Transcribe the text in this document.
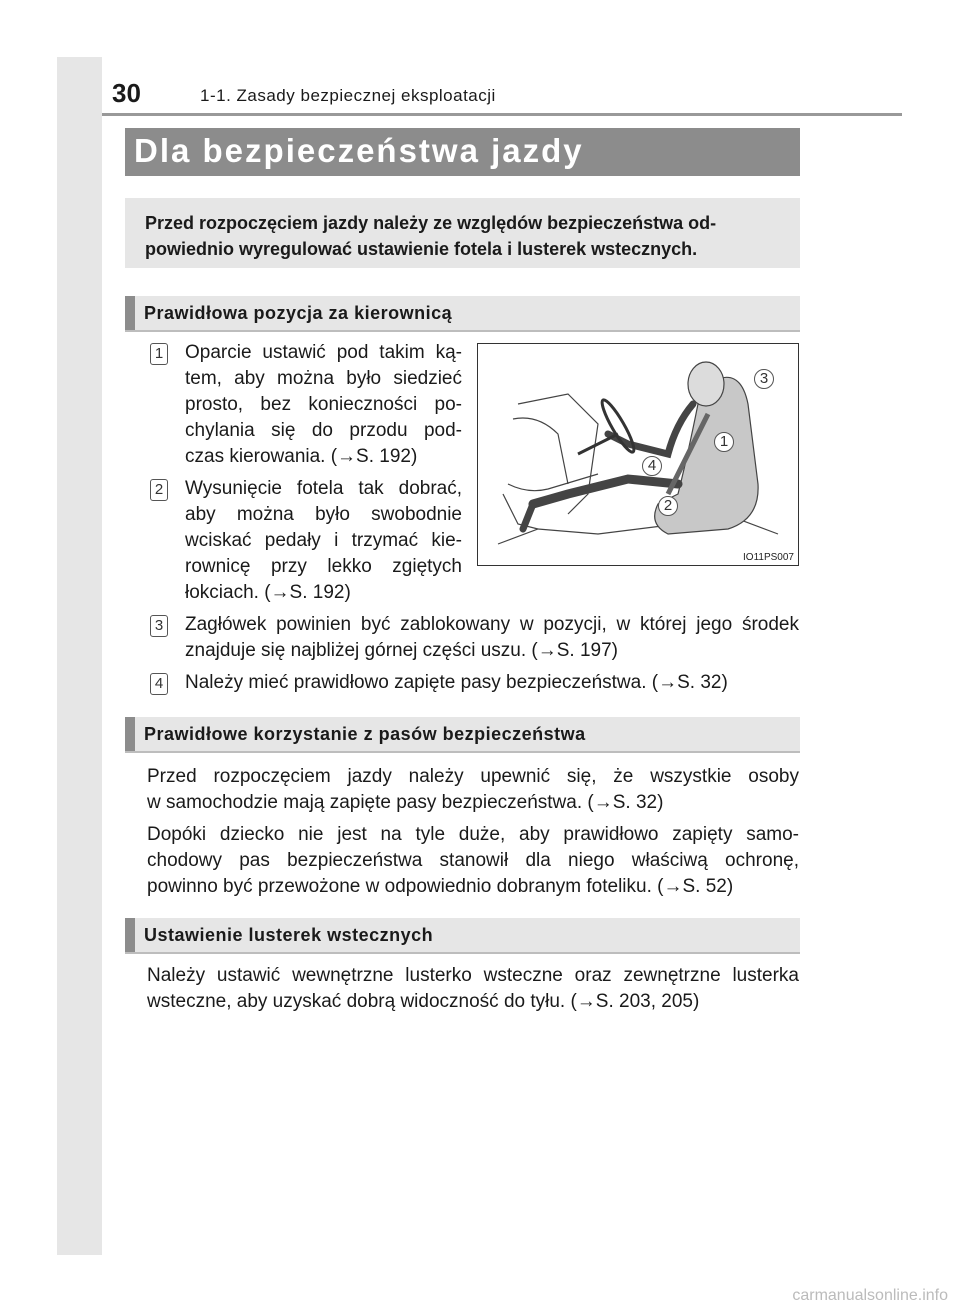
30	1-1. Zasady bezpiecznej eksploatacji
Dla bezpieczeństwa jazdy
Przed rozpoczęciem jazdy należy ze względów bezpieczeństwa od-powiednio wyregulować ustawienie fotela i lusterek wstecznych.
Prawidłowa pozycja za kierownicą
1 Oparcie ustawić pod takim ką-
tem, aby można było siedzieć
prosto, bez konieczności po-
chylania się do przodu pod-
czas kierowania. (→S. 192)
2 Wysunięcie fotela tak dobrać,
aby można było swobodnie
wciskać pedały i trzymać kie-
rownicę przy lekko zgiętych
łokciach. (→S. 192)
3
1
4
2
IO11PS007
3 Zagłówek powinien być zablokowany w pozycji, w której jego środek
znajduje się najbliżej górnej części uszu. (→S. 197)
4 Należy mieć prawidłowo zapięte pasy bezpieczeństwa. (→S. 32)
Prawidłowe korzystanie z pasów bezpieczeństwa
Przed rozpoczęciem jazdy należy upewnić się, że wszystkie osoby
w samochodzie mają zapięte pasy bezpieczeństwa. (→S. 32)
Dopóki dziecko nie jest na tyle duże, aby prawidłowo zapięty samo-
chodowy pas bezpieczeństwa stanowił dla niego właściwą ochronę,
powinno być przewożone w odpowiednio dobranym foteliku. (→S. 52)
Ustawienie lusterek wstecznych
Należy ustawić wewnętrzne lusterko wsteczne oraz zewnętrzne lusterka
wsteczne, aby uzyskać dobrą widoczność do tyłu. (→S. 203, 205)
carmanualsonline.info
